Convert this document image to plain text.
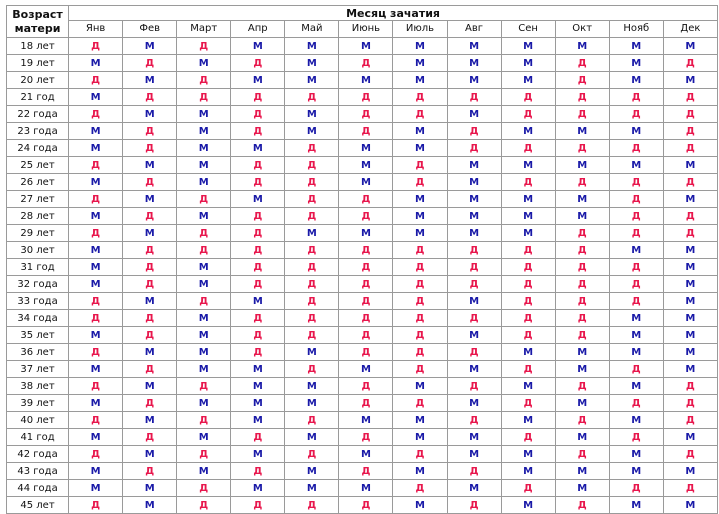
Возраст
матери	Месяц зачатия											
	Янв	Фев	Март	Апр	Май	Июнь	Июль	Авг	Сен	Окт	Нояб	Дек
18 лет	Д	М	Д	М	М	М	М	М	М	М	М	М
19 лет	М	Д	М	Д	М	Д	М	М	М	Д	М	Д
20 лет	Д	М	Д	М	М	М	М	М	М	Д	М	М
21 год	М	Д	Д	Д	Д	Д	Д	Д	Д	Д	Д	Д
22 года	Д	М	М	Д	М	Д	Д	М	Д	Д	Д	Д
23 года	М	Д	М	Д	М	Д	М	Д	М	М	М	Д
24 года	М	Д	М	М	Д	М	М	Д	Д	Д	Д	Д
25 лет	Д	М	М	Д	Д	М	Д	М	М	М	М	М
26 лет	М	Д	М	Д	Д	М	Д	М	Д	Д	Д	Д
27 лет	Д	М	Д	М	Д	Д	М	М	М	М	Д	М
28 лет	М	Д	М	Д	Д	Д	М	М	М	М	Д	Д
29 лет	Д	М	Д	Д	М	М	М	М	М	Д	Д	Д
30 лет	М	Д	Д	Д	Д	Д	Д	Д	Д	Д	М	М
31 год	М	Д	М	Д	Д	Д	Д	Д	Д	Д	Д	М
32 года	М	Д	М	Д	Д	Д	Д	Д	Д	Д	Д	М
33 года	Д	М	Д	М	Д	Д	Д	М	Д	Д	Д	М
34 года	Д	Д	М	Д	Д	Д	Д	Д	Д	Д	М	М
35 лет	М	Д	М	Д	Д	Д	Д	М	Д	Д	М	М
36 лет	Д	М	М	Д	М	Д	Д	Д	М	М	М	М
37 лет	М	Д	М	М	Д	М	Д	М	Д	М	Д	М
38 лет	Д	М	Д	М	М	Д	М	Д	М	Д	М	Д
39 лет	М	Д	М	М	М	Д	Д	М	Д	М	Д	Д
40 лет	Д	М	Д	М	Д	М	М	Д	М	Д	М	Д
41 год	М	Д	М	Д	М	Д	М	М	Д	М	Д	М
42 года	Д	М	Д	М	Д	М	Д	М	М	Д	М	Д
43 года	М	Д	М	Д	М	Д	М	Д	М	М	М	М
44 года	М	М	Д	М	М	М	Д	М	Д	М	Д	Д
45 лет	Д	М	Д	Д	Д	Д	М	Д	М	Д	М	М
